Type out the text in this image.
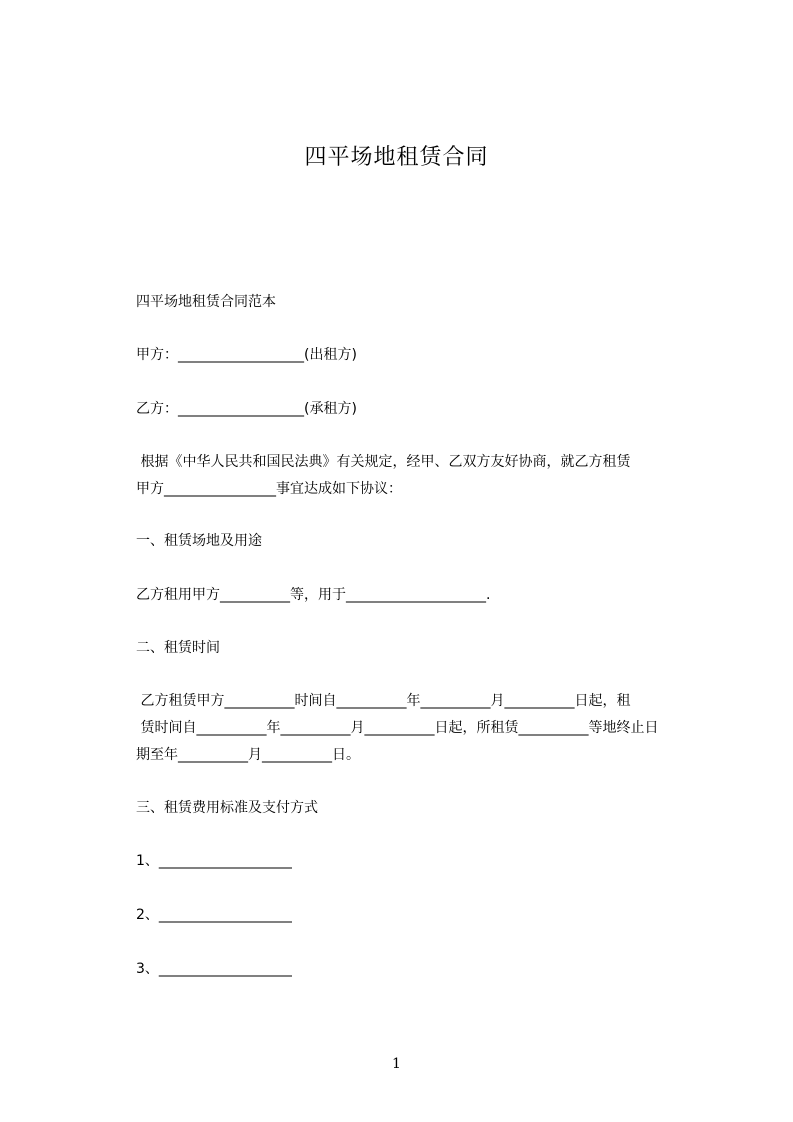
四平场地租赁合同
四平场地租赁合同范本
甲方：__________________(出租方)
乙方：__________________(承租方)
根据《中华人民共和国民法典》有关规定，经甲、乙双方友好协商，就乙方租赁
甲方________________事宜达成如下协议：
一、租赁场地及用途
乙方租用甲方__________等，用于____________________.
二、租赁时间
乙方租赁甲方__________时间自__________年__________月__________日起，租
赁时间自__________年__________月__________日起，所租赁__________等地终止日
期至年__________月__________日。
三、租赁费用标准及支付方式
1、___________________
2、___________________
3、___________________
1
